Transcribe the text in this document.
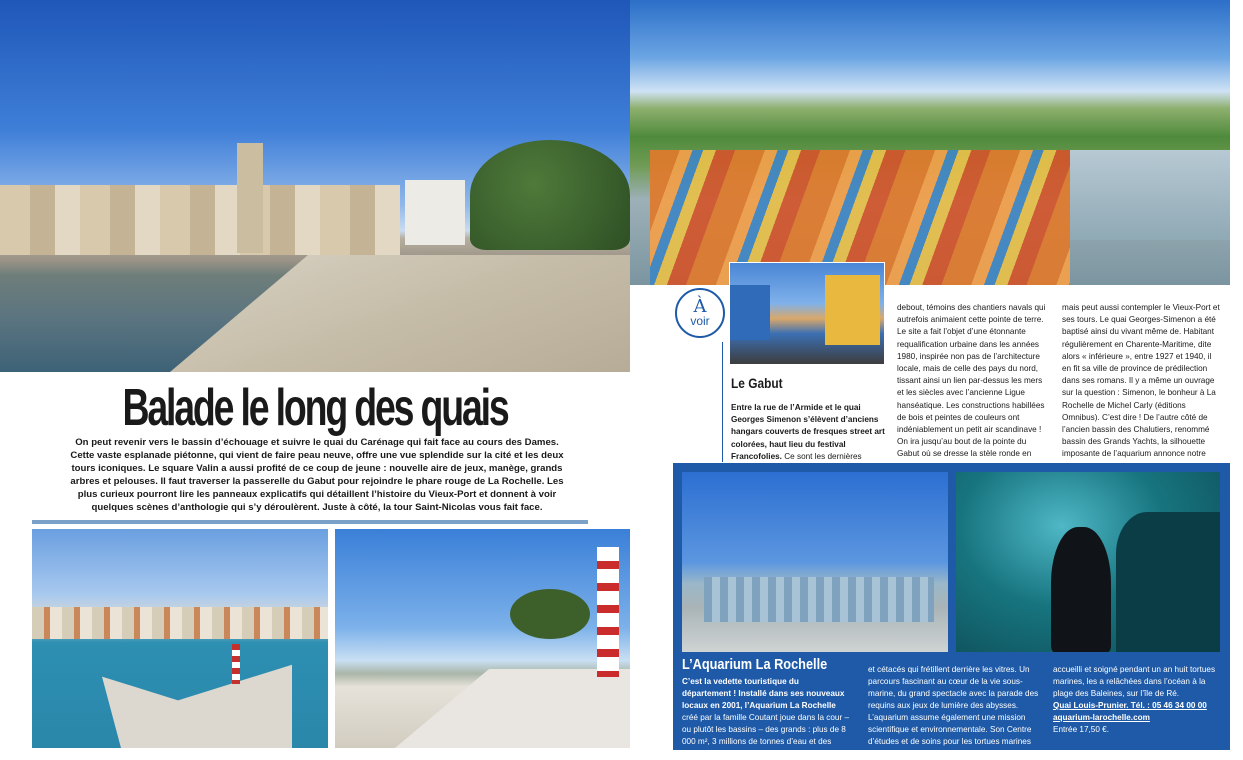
Balade le long des quais

On peut revenir vers le bassin d’échouage et suivre le quai du Carénage qui fait face au cours des Dames. Cette vaste esplanade piétonne, qui vient de faire peau neuve, offre une vue splendide sur la cité et les deux tours iconiques. Le square Valin a aussi profité de ce coup de jeune : nouvelle aire de jeux, manège, grands arbres et pelouses. Il faut traverser la passerelle du Gabut pour rejoindre le phare rouge de La Rochelle. Les plus curieux pourront lire les panneaux explicatifs qui détaillent l’histoire du Vieux-Port et donnent à voir quelques scènes d’anthologie qui s’y déroulèrent. Juste à côté, la tour Saint-Nicolas vous fait face.

À
voir
Le Gabut

Entre la rue de l’Armide et le quai Georges Simenon s’élèvent d’anciens hangars couverts de fresques street art colorées, haut lieu du festival Francofolies. Ce sont les dernières

debout, témoins des chantiers navals qui autrefois animaient cette pointe de terre. Le site a fait l’objet d’une étonnante requalification urbaine dans les années 1980, inspirée non pas de l’architecture locale, mais de celle des pays du nord, tissant ainsi un lien par-dessus les mers et les siècles avec l’ancienne Ligue hanséatique. Les constructions habillées de bois et peintes de couleurs ont indéniablement un petit air scandinave ! On ira jusqu’au bout de la pointe du Gabut où se dresse la stèle ronde en

mais peut aussi contempler le Vieux-Port et ses tours. Le quai Georges-Simenon a été baptisé ainsi du vivant même de. Habitant régulièrement en Charente-Maritime, dite alors « inférieure », entre 1927 et 1940, il en fit sa ville de province de prédilection dans ses romans. Il y a même un ouvrage sur la question : Simenon, le bonheur à La Rochelle de Michel Carly (éditions Omnibus). C’est dire ! De l’autre côté de l’ancien bassin des Chalutiers, renommé bassin des Grands Yachts, la silhouette imposante de l’aquarium annonce notre

L’Aquarium La Rochelle

C’est la vedette touristique du département ! Installé dans ses nouveaux locaux en 2001, l’Aquarium La Rochelle créé par la famille Coutant joue dans la cour – ou plutôt les bassins – des grands : plus de 8 000 m², 3 millions de tonnes d’eau et des centaines de poissons

et cétacés qui frétillent derrière les vitres. Un parcours fascinant au cœur de la vie sous-marine, du grand spectacle avec la parade des requins aux jeux de lumière des abysses. L’aquarium assume également une mission scientifique et environnementale. Son Centre d’études et de soins pour les tortues marines (CESTM), après avoir

accueilli et soigné pendant un an huit tortues marines, les a relâchées dans l’océan à la plage des Baleines, sur l’île de Ré.

Quai Louis-Prunier. Tél. : 05 46 34 00 00

aquarium-larochelle.com

Entrée 17,50 €.
